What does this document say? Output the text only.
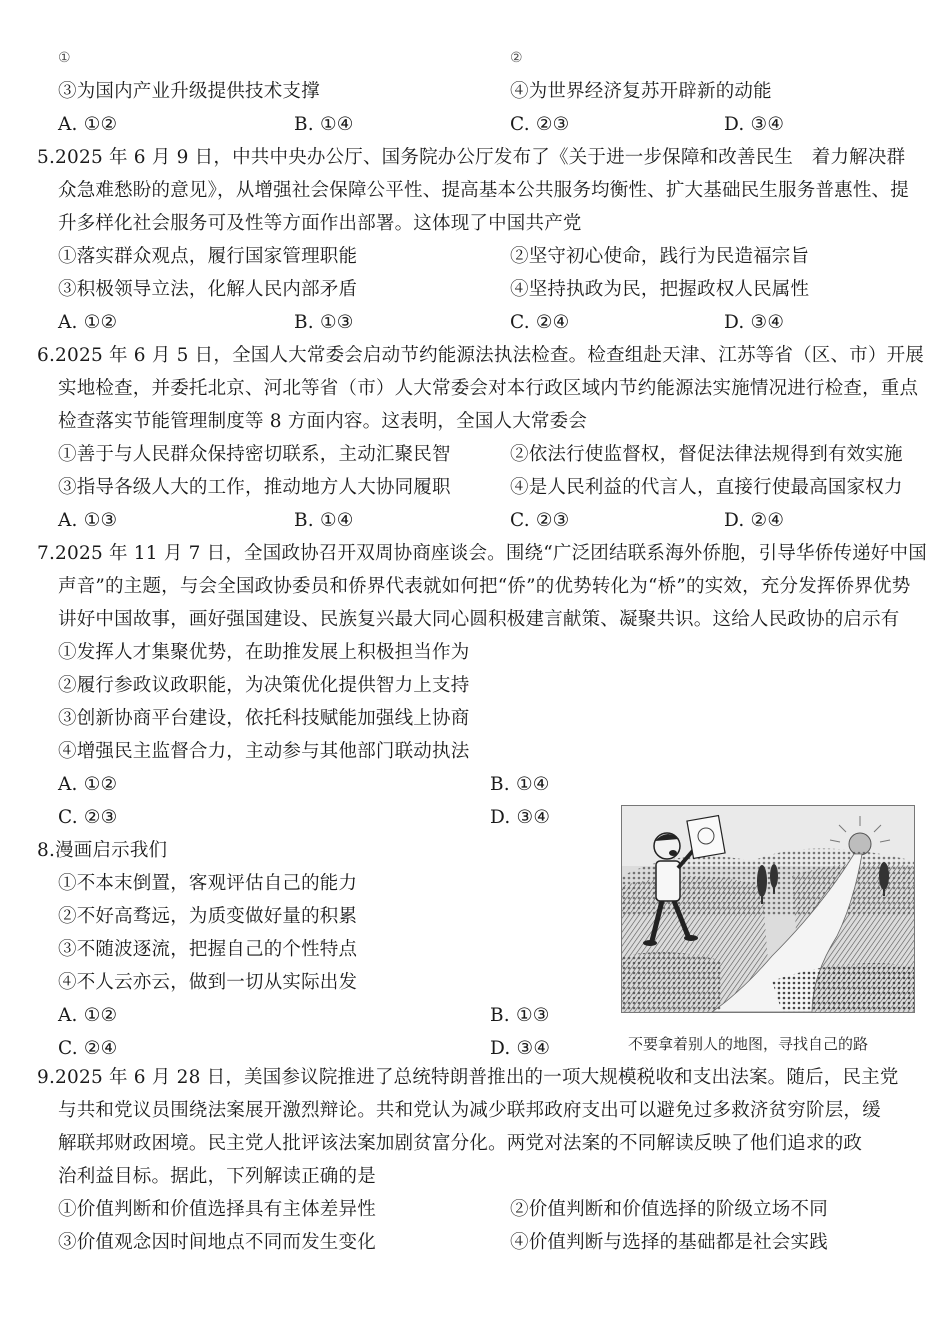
①	②
③为国内产业升级提供技术支撑	④为世界经济复苏开辟新的动能
A. ①②	B. ①④	C. ②③	D. ③④
5.2025 年 6 月 9 日，中共中央办公厅、国务院办公厅发布了《关于进一步保障和改善民生　着力解决群
众急难愁盼的意见》，从增强社会保障公平性、提高基本公共服务均衡性、扩大基础民生服务普惠性、提
升多样化社会服务可及性等方面作出部署。这体现了中国共产党
①落实群众观点，履行国家管理职能	②坚守初心使命，践行为民造福宗旨
③积极领导立法，化解人民内部矛盾	④坚持执政为民，把握政权人民属性
A. ①②	B. ①③	C. ②④	D. ③④
6.2025 年 6 月 5 日，全国人大常委会启动节约能源法执法检查。检查组赴天津、江苏等省（区、市）开展
实地检查，并委托北京、河北等省（市）人大常委会对本行政区域内节约能源法实施情况进行检查，重点
检查落实节能管理制度等 8 方面内容。这表明，全国人大常委会
①善于与人民群众保持密切联系，主动汇聚民智	②依法行使监督权，督促法律法规得到有效实施
③指导各级人大的工作，推动地方人大协同履职	④是人民利益的代言人，直接行使最高国家权力
A. ①③	B. ①④	C. ②③	D. ②④
7.2025 年 11 月 7 日，全国政协召开双周协商座谈会。围绕“广泛团结联系海外侨胞，引导华侨传递好中国
声音”的主题，与会全国政协委员和侨界代表就如何把“侨”的优势转化为“桥”的实效，充分发挥侨界优势
讲好中国故事，画好强国建设、民族复兴最大同心圆积极建言献策、凝聚共识。这给人民政协的启示有
①发挥人才集聚优势，在助推发展上积极担当作为
②履行参政议政职能，为决策优化提供智力上支持
③创新协商平台建设，依托科技赋能加强线上协商
④增强民主监督合力，主动参与其他部门联动执法
A. ①②	B. ①④
C. ②③	D. ③④
8.漫画启示我们
①不本末倒置，客观评估自己的能力
②不好高骛远，为质变做好量的积累
③不随波逐流，把握自己的个性特点
④不人云亦云，做到一切从实际出发
A. ①②	B. ①③
C. ②④	D. ③④	不要拿着别人的地图，寻找自己的路
9.2025 年 6 月 28 日，美国参议院推进了总统特朗普推出的一项大规模税收和支出法案。随后，民主党
与共和党议员围绕法案展开激烈辩论。共和党认为减少联邦政府支出可以避免过多救济贫穷阶层，缓
解联邦财政困境。民主党人批评该法案加剧贫富分化。两党对法案的不同解读反映了他们追求的政
治利益目标。据此，下列解读正确的是
①价值判断和价值选择具有主体差异性	②价值判断和价值选择的阶级立场不同
③价值观念因时间地点不同而发生变化	④价值判断与选择的基础都是社会实践
